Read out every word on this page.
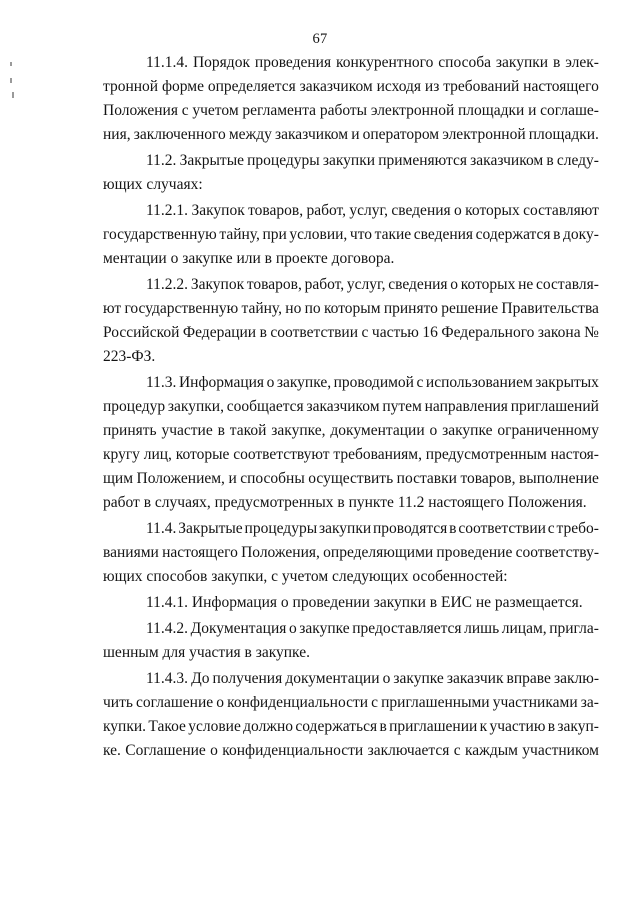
67
11.1.4. Порядок проведения конкурентного способа закупки в элек-
тронной форме определяется заказчиком исходя из требований настоящего
Положения с учетом регламента работы электронной площадки и соглаше-
ния, заключенного между заказчиком и оператором электронной площадки.
11.2. Закрытые процедуры закупки применяются заказчиком в следу-
ющих случаях:
11.2.1. Закупок товаров, работ, услуг, сведения о которых составляют
государственную тайну, при условии, что такие сведения содержатся в доку-
ментации о закупке или в проекте договора.
11.2.2. Закупок товаров, работ, услуг, сведения о которых не составля-
ют государственную тайну, но по которым принято решение Правительства
Российской Федерации в соответствии с частью 16 Федерального закона №
223-ФЗ.
11.3. Информация о закупке, проводимой с использованием закрытых
процедур закупки, сообщается заказчиком путем направления приглашений
принять участие в такой закупке, документации о закупке ограниченному
кругу лиц, которые соответствуют требованиям, предусмотренным настоя-
щим Положением, и способны осуществить поставки товаров, выполнение
работ в случаях, предусмотренных в пункте 11.2 настоящего Положения.
11.4. Закрытые процедуры закупки проводятся в соответствии с требо-
ваниями настоящего Положения, определяющими проведение соответству-
ющих способов закупки, с учетом следующих особенностей:
11.4.1. Информация о проведении закупки в ЕИС не размещается.
11.4.2. Документация о закупке предоставляется лишь лицам, пригла-
шенным для участия в закупке.
11.4.3. До получения документации о закупке заказчик вправе заклю-
чить соглашение о конфиденциальности с приглашенными участниками за-
купки. Такое условие должно содержаться в приглашении к участию в закуп-
ке. Соглашение о конфиденциальности заключается с каждым участником
